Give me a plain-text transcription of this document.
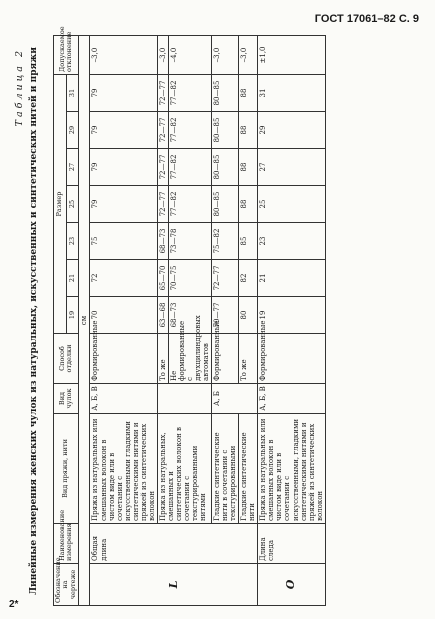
ГОСТ 17061–82 С. 9
2*
Таблица 2 Линейные измерения женских чулок из натуральных, искусственных и синтетических нитей и пряжи Обозначение на чертеже	Наименование измерения	Вид пряжи, нити	Вид чулок	Способ отделки	Размер							Допускаемое отклонение
					19	21	23	25	27	29	31	
см												
L	Общая длина	Пряжа из натуральных или смешанных волокон в чистом виде или в сочетании с искусственными гладкими синтетическими нитями и пряжей из синтетических волокон	А, Б, В	Формированные	70	72	75	79	79	79	79	–3,0
		Пряжа из натуральных, смешанных и синтетических волокон в сочетании с текстурированными нитями		То же	63—68	65—70	68—73	72—77	72—77	72—77	72—77	–3,0
				Не формированные с двухцилиндровых автоматов	68—73	70—75	73—78	77—82	77—82	77—82	77—82	–4,0
		Гладкие синтетические нити в сочетании с текстурированными	А, Б	Формированные	70—77	72—77	75—82	80—85	80—85	80—85	80—85	–3,0
		Гладкие синтетические нити		То же	80	82	85	88	88	88	88	–3,0
O	Длина следа	Пряжа из натуральных или смешанных волокон в чистом виде или в сочетании с искусственными, гладкими синтетическими нитями и пряжей из синтетических волокон	А, Б, В	Формированные	19	21	23	25	27	29	31	±1,0
